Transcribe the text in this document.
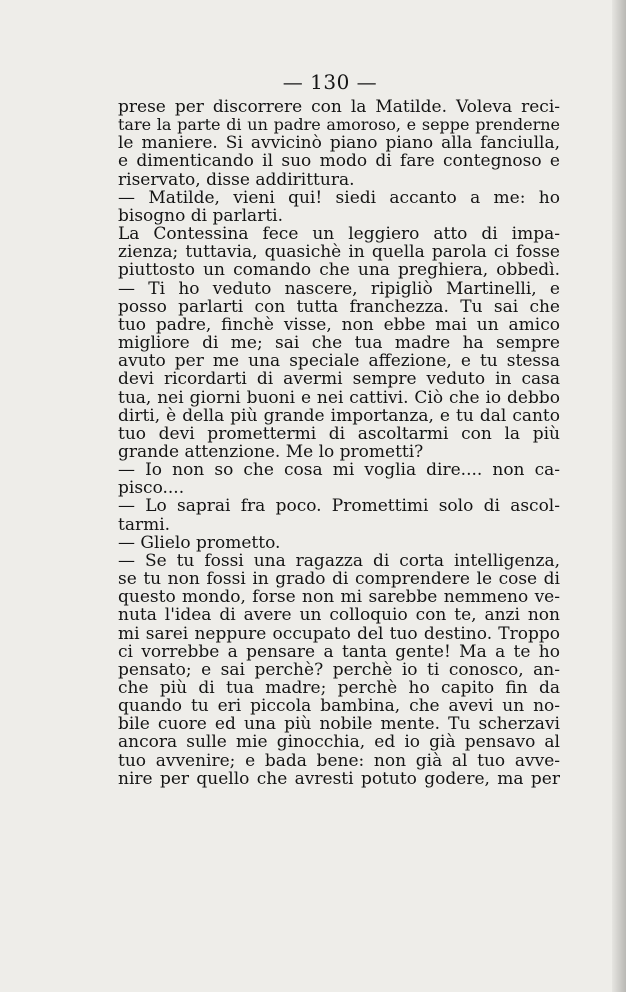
— 130 —
prese per discorrere con la Matilde. Voleva reci-
tare la parte di un padre amoroso, e seppe prenderne
le maniere. Si avvicinò piano piano alla fanciulla,
e dimenticando il suo modo di fare contegnoso e
riservato, disse addirittura.
— Matilde, vieni qui! siedi accanto a me: ho
bisogno di parlarti.
La Contessina fece un leggiero atto di impa-
zienza; tuttavia, quasichè in quella parola ci fosse
piuttosto un comando che una preghiera, obbedì.
— Ti ho veduto nascere, ripigliò Martinelli, e
posso parlarti con tutta franchezza. Tu sai che
tuo padre, finchè visse, non ebbe mai un amico
migliore di me; sai che tua madre ha sempre
avuto per me una speciale affezione, e tu stessa
devi ricordarti di avermi sempre veduto in casa
tua, nei giorni buoni e nei cattivi. Ciò che io debbo
dirti, è della più grande importanza, e tu dal canto
tuo devi promettermi di ascoltarmi con la più
grande attenzione. Me lo prometti?
— Io non so che cosa mi voglia dire.... non ca-
pisco....
— Lo saprai fra poco. Promettimi solo di ascol-
tarmi.
— Glielo prometto.
— Se tu fossi una ragazza di corta intelligenza,
se tu non fossi in grado di comprendere le cose di
questo mondo, forse non mi sarebbe nemmeno ve-
nuta l'idea di avere un colloquio con te, anzi non
mi sarei neppure occupato del tuo destino. Troppo
ci vorrebbe a pensare a tanta gente! Ma a te ho
pensato; e sai perchè? perchè io ti conosco, an-
che più di tua madre; perchè ho capito fin da
quando tu eri piccola bambina, che avevi un no-
bile cuore ed una più nobile mente. Tu scherzavi
ancora sulle mie ginocchia, ed io già pensavo al
tuo avvenire; e bada bene: non già al tuo avve-
nire per quello che avresti potuto godere, ma per
